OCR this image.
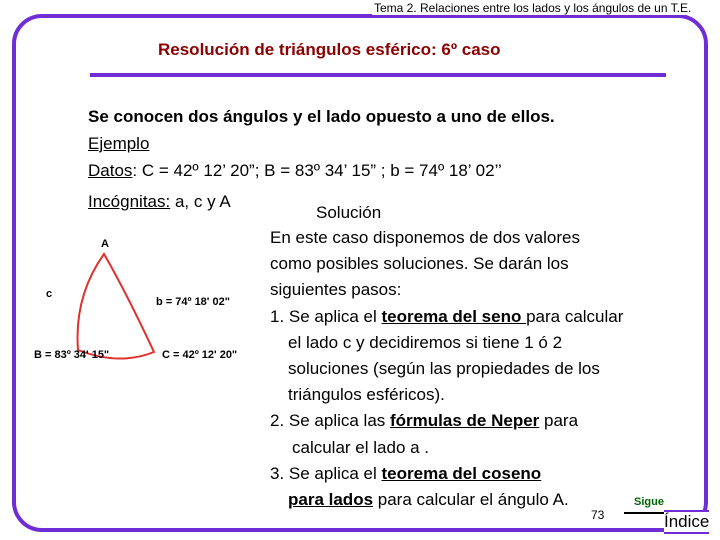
Tema 2. Relaciones entre los lados y los ángulos de un T.E.
Resolución de triángulos esférico: 6º caso
Se conocen dos ángulos y el lado opuesto a uno de ellos.
Ejemplo
Datos: C = 42º 12’ 20”; B = 83º 34’ 15” ; b = 74º 18’ 02’’
Incógnitas: a, c y A
Solución
A
c
b = 74º 18' 02"
B = 83º 34' 15"	C = 42º 12' 20"
En este caso disponemos de dos valores
como posibles soluciones. Se darán los
siguientes pasos:
1. Se aplica el teorema del seno para calcular
el lado c y decidiremos si tiene 1 ó 2
soluciones (según las propiedades de los
triángulos esféricos).
2. Se aplica las fórmulas de Neper para
calcular el lado a .
3. Se aplica el teorema del coseno
para lados para calcular el ángulo A.	Sigue
73	Índice
